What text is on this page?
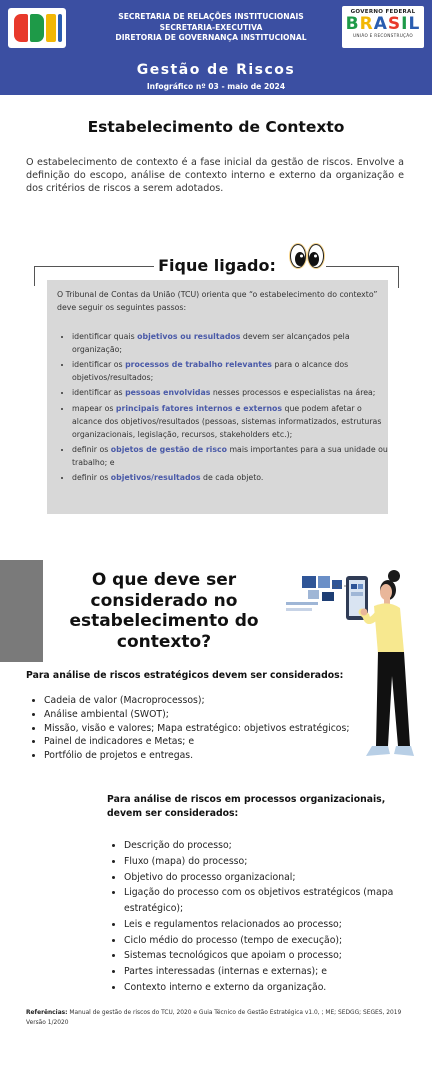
SECRETARIA DE RELAÇÕES INSTITUCIONAIS
SECRETARIA-EXECUTIVA
DIRETORIA DE GOVERNANÇA INSTITUCIONAL
GOVERNO FEDERAL
BRASIL
UNIÃO E RECONSTRUÇÃO
Gestão de Riscos
Infográfico nº 03 - maio de 2024
Estabelecimento de Contexto
O estabelecimento de contexto é a fase inicial da gestão de riscos. Envolve a definição do escopo, análise de contexto interno e externo da organização e dos critérios de riscos a serem adotados.
Fique ligado:
O Tribunal de Contas da União (TCU) orienta que “o estabelecimento do contexto” deve seguir os seguintes passos:
• identificar quais objetivos ou resultados devem ser alcançados pela organização;
• identificar os processos de trabalho relevantes para o alcance dos objetivos/resultados;
• identificar as pessoas envolvidas nesses processos e especialistas na área;
• mapear os principais fatores internos e externos que podem afetar o alcance dos objetivos/resultados (pessoas, sistemas informatizados, estruturas organizacionais, legislação, recursos, stakeholders etc.);
• definir os objetos de gestão de risco mais importantes para a sua unidade ou trabalho; e
• definir os objetivos/resultados de cada objeto.
O que deve ser considerado no estabelecimento do contexto?
Para análise de riscos estratégicos devem ser considerados:
• Cadeia de valor (Macroprocessos);
• Análise ambiental (SWOT);
• Missão, visão e valores; Mapa estratégico: objetivos estratégicos;
• Painel de indicadores e Metas; e
• Portfólio de projetos e entregas.
Para análise de riscos em processos organizacionais, devem ser considerados:
• Descrição do processo;
• Fluxo (mapa) do processo;
• Objetivo do processo organizacional;
• Ligação do processo com os objetivos estratégicos (mapa estratégico);
• Leis e regulamentos relacionados ao processo;
• Ciclo médio do processo (tempo de execução);
• Sistemas tecnológicos que apoiam o processo;
• Partes interessadas (internas e externas); e
• Contexto interno e externo da organização.
Referências: Manual de gestão de riscos do TCU, 2020 e Guia Técnico de Gestão Estratégica v1.0, ; ME; SEDGG; SEGES, 2019 Versão 1/2020
